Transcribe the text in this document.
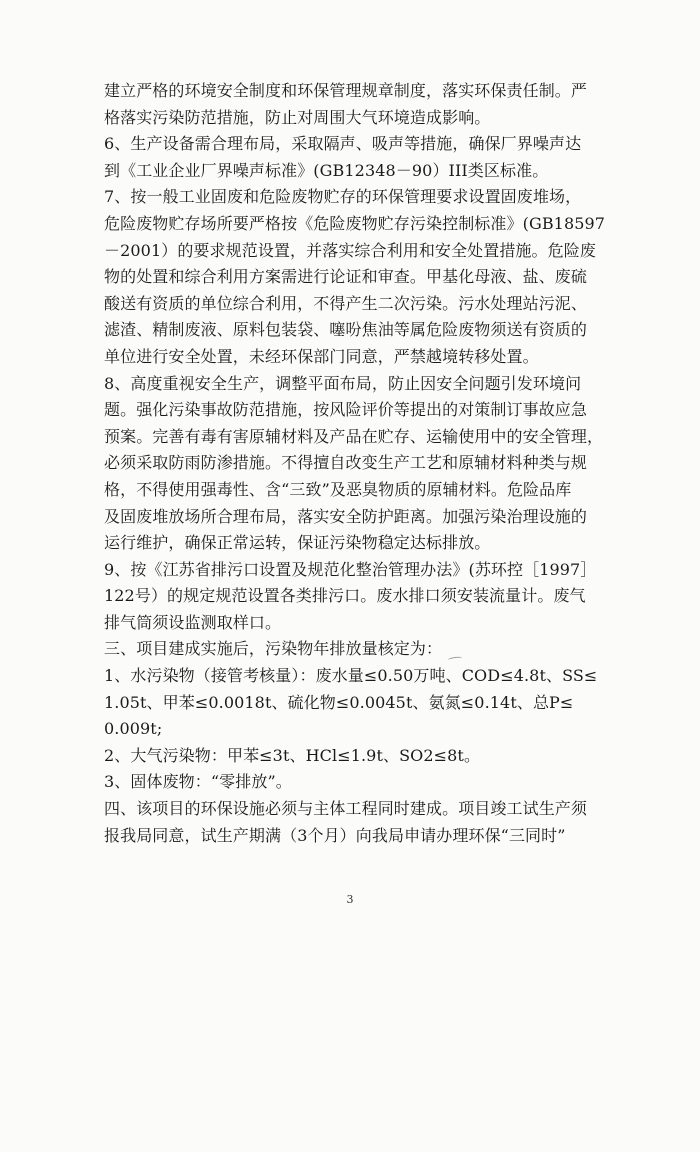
建立严格的环境安全制度和环保管理规章制度，落实环保责任制。严
格落实污染防范措施，防止对周围大气环境造成影响。
6、生产设备需合理布局，采取隔声、吸声等措施，确保厂界噪声达
到《工业企业厂界噪声标准》(GB12348－90）III类区标准。
7、按一般工业固废和危险废物贮存的环保管理要求设置固废堆场，
危险废物贮存场所要严格按《危险废物贮存污染控制标准》(GB18597
－2001）的要求规范设置，并落实综合利用和安全处置措施。危险废
物的处置和综合利用方案需进行论证和审查。甲基化母液、盐、废硫
酸送有资质的单位综合利用，不得产生二次污染。污水处理站污泥、
滤渣、精制废液、原料包装袋、噻吩焦油等属危险废物须送有资质的
单位进行安全处置，未经环保部门同意，严禁越境转移处置。
8、高度重视安全生产，调整平面布局，防止因安全问题引发环境问
题。强化污染事故防范措施，按风险评价等提出的对策制订事故应急
预案。完善有毒有害原辅材料及产品在贮存、运输使用中的安全管理，
必须采取防雨防渗措施。不得擅自改变生产工艺和原辅材料种类与规
格，不得使用强毒性、含“三致”及恶臭物质的原辅材料。危险品库
及固废堆放场所合理布局，落实安全防护距离。加强污染治理设施的
运行维护，确保正常运转，保证污染物稳定达标排放。
9、按《江苏省排污口设置及规范化整治管理办法》(苏环控［1997］
122号）的规定规范设置各类排污口。废水排口须安装流量计。废气
排气筒须设监测取样口。
三、项目建成实施后，污染物年排放量核定为：
1、水污染物（接管考核量）：废水量≤0.50万吨、COD≤4.8t、SS≤
1.05t、甲苯≤0.0018t、硫化物≤0.0045t、氨氮≤0.14t、总P≤
0.009t;
2、大气污染物：甲苯≤3t、HCl≤1.9t、SO2≤8t。
3、固体废物：“零排放”。
四、该项目的环保设施必须与主体工程同时建成。项目竣工试生产须
报我局同意，试生产期满（3个月）向我局申请办理环保“三同时”
3
